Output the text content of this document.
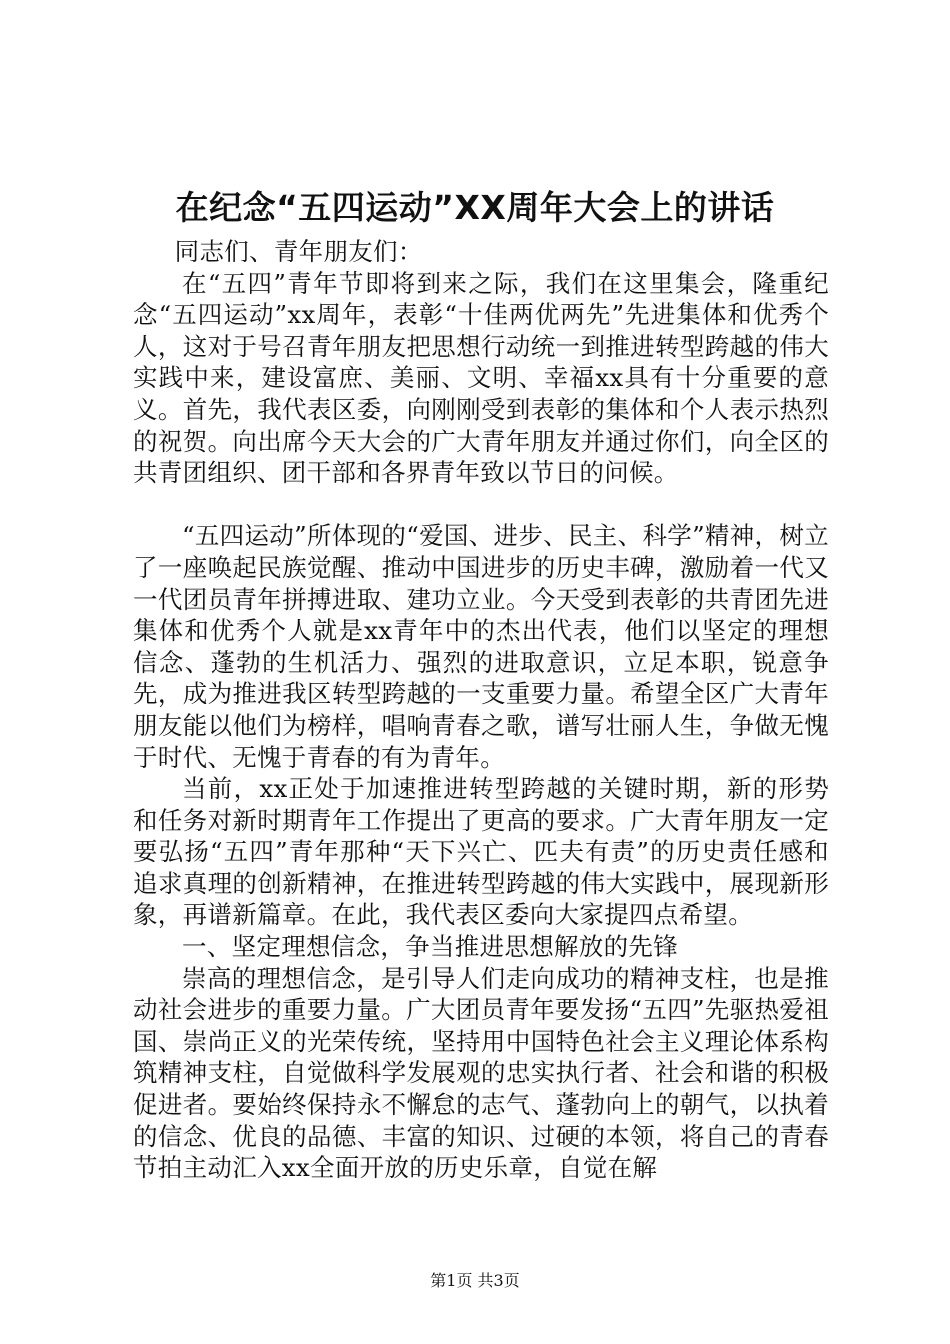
在纪念“五四运动”XX周年大会上的讲话

同志们、青年朋友们：

在“五四”青年节即将到来之际，我们在这里集会，隆重纪念“五四运动”xx周年，表彰“十佳两优两先”先进集体和优秀个人，这对于号召青年朋友把思想行动统一到推进转型跨越的伟大实践中来，建设富庶、美丽、文明、幸福xx具有十分重要的意义。首先，我代表区委，向刚刚受到表彰的集体和个人表示热烈的祝贺。向出席今天大会的广大青年朋友并通过你们，向全区的共青团组织、团干部和各界青年致以节日的问候。

“五四运动”所体现的“爱国、进步、民主、科学”精神，树立了一座唤起民族觉醒、推动中国进步的历史丰碑，激励着一代又一代团员青年拼搏进取、建功立业。今天受到表彰的共青团先进集体和优秀个人就是xx青年中的杰出代表，他们以坚定的理想信念、蓬勃的生机活力、强烈的进取意识，立足本职，锐意争先，成为推进我区转型跨越的一支重要力量。希望全区广大青年朋友能以他们为榜样，唱响青春之歌，谱写壮丽人生，争做无愧于时代、无愧于青春的有为青年。

当前，xx正处于加速推进转型跨越的关键时期，新的形势和任务对新时期青年工作提出了更高的要求。广大青年朋友一定要弘扬“五四”青年那种“天下兴亡、匹夫有责”的历史责任感和追求真理的创新精神，在推进转型跨越的伟大实践中，展现新形象，再谱新篇章。在此，我代表区委向大家提四点希望。

一、坚定理想信念，争当推进思想解放的先锋

崇高的理想信念，是引导人们走向成功的精神支柱，也是推动社会进步的重要力量。广大团员青年要发扬“五四”先驱热爱祖国、崇尚正义的光荣传统，坚持用中国特色社会主义理论体系构筑精神支柱，自觉做科学发展观的忠实执行者、社会和谐的积极促进者。要始终保持永不懈怠的志气、蓬勃向上的朝气，以执着的信念、优良的品德、丰富的知识、过硬的本领，将自己的青春节拍主动汇入xx全面开放的历史乐章，自觉在解

第1页 共3页
